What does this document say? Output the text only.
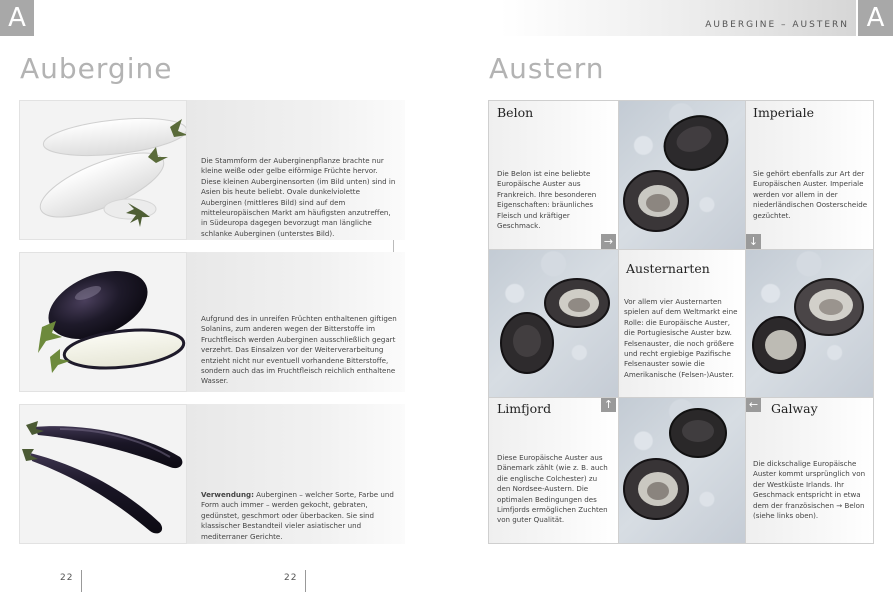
A	AUBERGINE – AUSTERN A
Aubergine
Die Stammform der Auberginenpflanze brachte nur kleine weiße oder gelbe eiförmige Früchte hervor. Diese kleinen Auberginensorten (im Bild unten) sind in Asien bis heute beliebt. Ovale dunkelviolette Auberginen (mittleres Bild) sind auf dem mitteleuropäischen Markt am häufigsten anzutreffen, in Südeuropa dagegen bevorzugt man längliche schlanke Auberginen (unterstes Bild).
Aufgrund des in unreifen Früchten enthaltenen giftigen Solanins, zum anderen wegen der Bitterstoffe im Fruchtfleisch werden Auberginen ausschließlich gegart verzehrt. Das Einsalzen vor der Weiterverarbeitung entzieht nicht nur eventuell vorhandene Bitterstoffe, sondern auch das im Fruchtfleisch reichlich enthaltene Wasser.
Verwendung: Auberginen – welcher Sorte, Farbe und Form auch immer – werden gekocht, gebraten, gedünstet, geschmort oder überbacken. Sie sind klassischer Bestandteil vieler asiatischer und mediterraner Gerichte.
22	22
Austern
Belon
Die Belon ist eine beliebte Europäische Auster aus Frankreich. Ihre besonderen Eigenschaften: bräunliches Fleisch und kräftiger Geschmack.
→
Imperiale
Sie gehört ebenfalls zur Art der Europäischen Auster. Imperiale werden vor allem in der niederländischen Oosterscheide gezüchtet.
↓
Austernarten
Vor allem vier Austernarten spielen auf dem Weltmarkt eine Rolle: die Europäische Auster, die Portugiesische Auster bzw. Felsenauster, die noch größere und recht ergiebige Pazifische Felsenauster sowie die Amerikanische (Felsen-)Auster.
Limfjord	↑
Diese Europäische Auster aus Dänemark zählt (wie z. B. auch die englische Colchester) zu den Nordsee-Austern. Die optimalen Bedingungen des Limfjords ermöglichen Zuchten von guter Qualität.
← Galway
Die dickschalige Europäische Auster kommt ursprünglich von der Westküste Irlands. Ihr Geschmack entspricht in etwa dem der französischen → Belon (siehe links oben).
